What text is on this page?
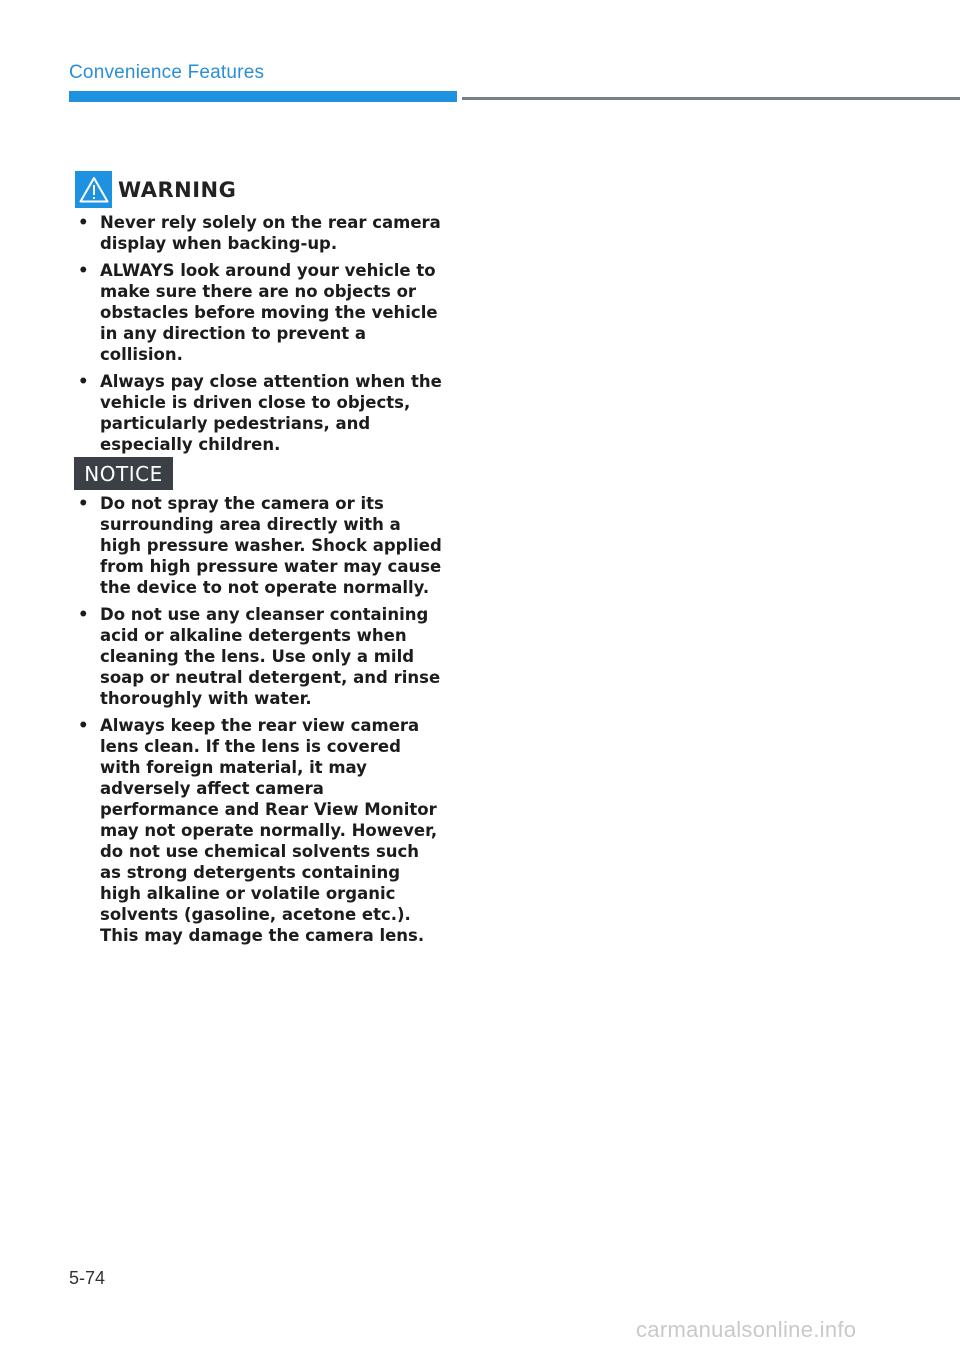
Convenience Features
WARNING
• Never rely solely on the rear camera display when backing-up.
• ALWAYS look around your vehicle to make sure there are no objects or obstacles before moving the vehicle in any direction to prevent a collision.
• Always pay close attention when the vehicle is driven close to objects, particularly pedestrians, and especially children.
NOTICE
• Do not spray the camera or its surrounding area directly with a high pressure washer. Shock applied from high pressure water may cause the device to not operate normally.
• Do not use any cleanser containing acid or alkaline detergents when cleaning the lens. Use only a mild soap or neutral detergent, and rinse thoroughly with water.
• Always keep the rear view camera lens clean. If the lens is covered with foreign material, it may adversely affect camera performance and Rear View Monitor may not operate normally. However, do not use chemical solvents such as strong detergents containing high alkaline or volatile organic solvents (gasoline, acetone etc.). This may damage the camera lens.
5-74
carmanualsonline.info
